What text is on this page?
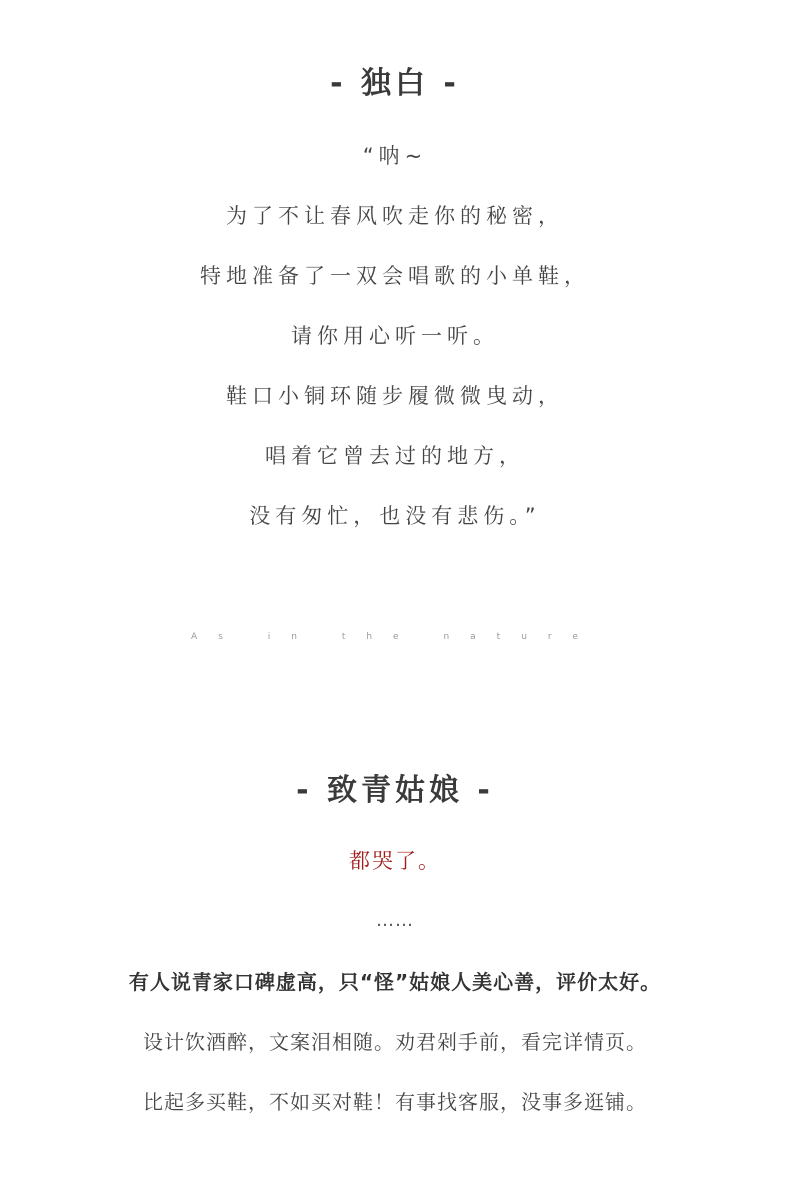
- 独白 -
“呐~
为了不让春风吹走你的秘密，
特地准备了一双会唱歌的小单鞋，
请你用心听一听。
鞋口小铜环随步履微微曳动，
唱着它曾去过的地方，
没有匆忙，也没有悲伤。”
As in the nature
- 致青姑娘 -
都哭了。
……
有人说青家口碑虚高，只“怪”姑娘人美心善，评价太好。
设计饮酒醉，文案泪相随。劝君剁手前，看完详情页。
比起多买鞋，不如买对鞋！有事找客服，没事多逛铺。
